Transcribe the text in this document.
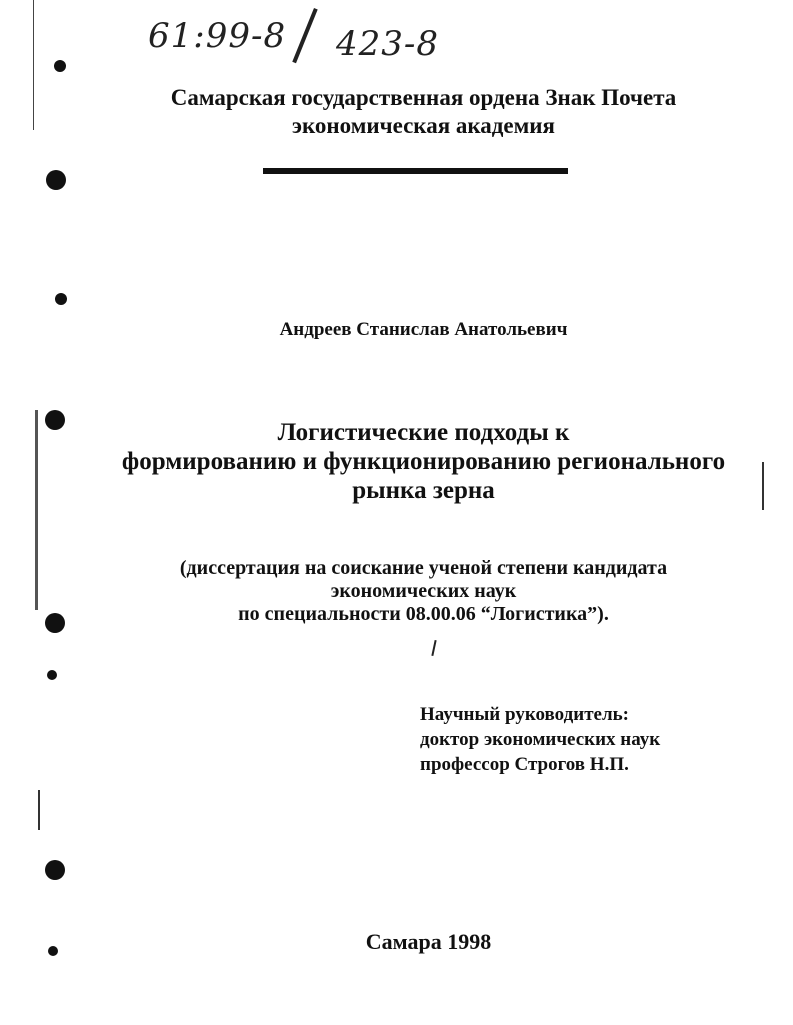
61:99-8 423-8
Самарская государственная ордена Знак Почета
экономическая академия
Андреев Станислав Анатольевич
Логистические подходы к
формированию и функционированию регионального
рынка зерна
(диссертация на соискание ученой степени кандидата
экономических наук
по специальности 08.00.06 “Логистика”).
Научный руководитель:
доктор экономических наук
профессор Строгов Н.П.
Самара 1998
